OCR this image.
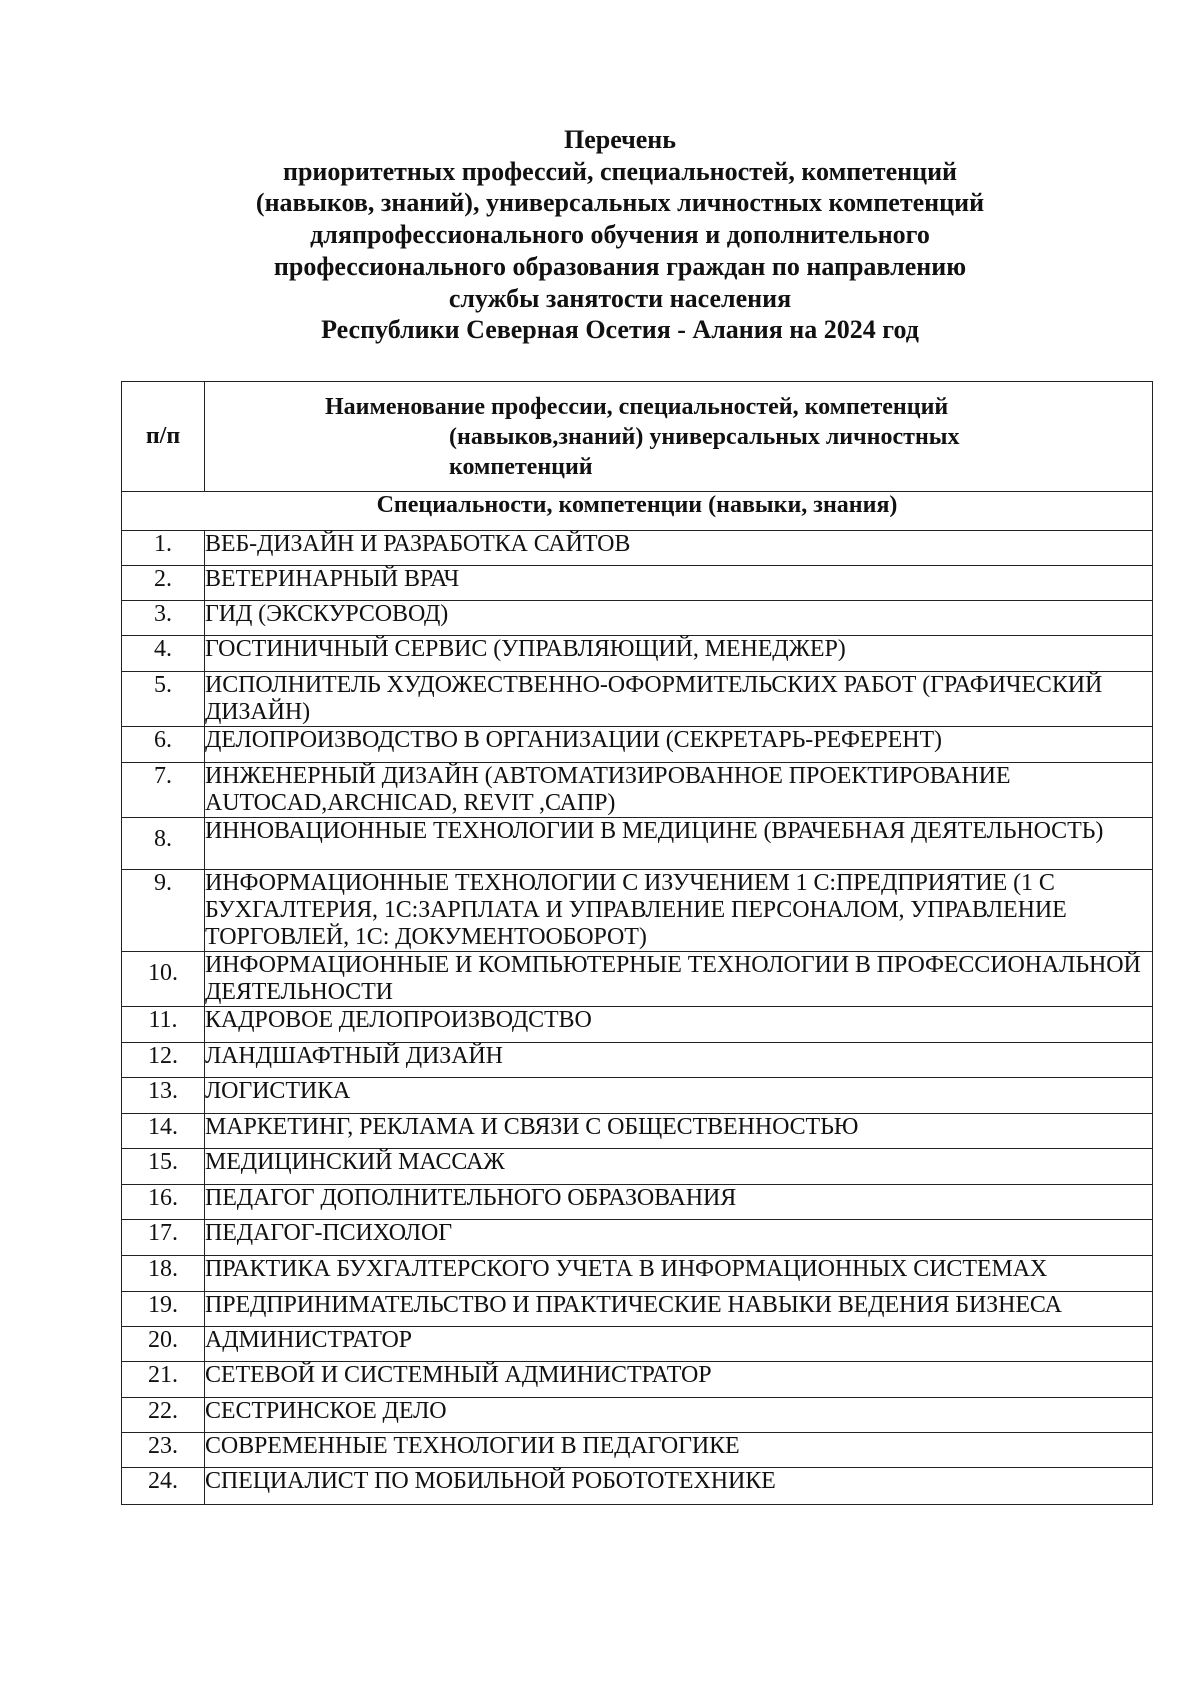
Перечень
приоритетных профессий, специальностей, компетенций
(навыков, знаний), универсальных личностных компетенций
дляпрофессионального обучения и дополнительного
профессионального образования граждан по направлению
службы занятости населения
Республики Северная Осетия - Алания на 2024 год
п/п	Наименование профессии, специальностей, компетенций
(навыков,знаний) универсальных личностных
компетенций

Специальности, компетенции (навыки, знания)	
1.	ВЕБ-ДИЗАЙН И РАЗРАБОТКА САЙТОВ
2.	ВЕТЕРИНАРНЫЙ ВРАЧ
3.	ГИД (ЭКСКУРСОВОД)
4.	ГОСТИНИЧНЫЙ СЕРВИС (УПРАВЛЯЮЩИЙ, МЕНЕДЖЕР)
5.	ИСПОЛНИТЕЛЬ ХУДОЖЕСТВЕННО-ОФОРМИТЕЛЬСКИХ РАБОТ (ГРАФИЧЕСКИЙ ДИЗАЙН)
6.	ДЕЛОПРОИЗВОДСТВО В ОРГАНИЗАЦИИ (СЕКРЕТАРЬ-РЕФЕРЕНТ)
7.	ИНЖЕНЕРНЫЙ ДИЗАЙН (АВТОМАТИЗИРОВАННОЕ ПРОЕКТИРОВАНИЕ AUTOCAD,ARCHICAD, REVIT ,САПР)
8.	ИННОВАЦИОННЫЕ ТЕХНОЛОГИИ В МЕДИЦИНЕ (ВРАЧЕБНАЯ ДЕЯТЕЛЬНОСТЬ)
9.	ИНФОРМАЦИОННЫЕ ТЕХНОЛОГИИ С ИЗУЧЕНИЕМ 1 С:ПРЕДПРИЯТИЕ (1 С БУХГАЛТЕРИЯ, 1С:ЗАРПЛАТА И УПРАВЛЕНИЕ ПЕРСОНАЛОМ, УПРАВЛЕНИЕ ТОРГОВЛЕЙ, 1С: ДОКУМЕНТООБОРОТ)
10.	ИНФОРМАЦИОННЫЕ И КОМПЬЮТЕРНЫЕ ТЕХНОЛОГИИ В ПРОФЕССИОНАЛЬНОЙ ДЕЯТЕЛЬНОСТИ
11.	КАДРОВОЕ ДЕЛОПРОИЗВОДСТВО
12.	ЛАНДШАФТНЫЙ ДИЗАЙН
13.	ЛОГИСТИКА
14.	МАРКЕТИНГ, РЕКЛАМА И СВЯЗИ С ОБЩЕСТВЕННОСТЬЮ
15.	МЕДИЦИНСКИЙ МАССАЖ
16.	ПЕДАГОГ ДОПОЛНИТЕЛЬНОГО ОБРАЗОВАНИЯ
17.	ПЕДАГОГ-ПСИХОЛОГ
18.	ПРАКТИКА БУХГАЛТЕРСКОГО УЧЕТА В ИНФОРМАЦИОННЫХ СИСТЕМАХ
19.	ПРЕДПРИНИМАТЕЛЬСТВО И ПРАКТИЧЕСКИЕ НАВЫКИ ВЕДЕНИЯ БИЗНЕСА
20.	АДМИНИСТРАТОР
21.	СЕТЕВОЙ И СИСТЕМНЫЙ АДМИНИСТРАТОР
22.	СЕСТРИНСКОЕ ДЕЛО
23.	СОВРЕМЕННЫЕ ТЕХНОЛОГИИ В ПЕДАГОГИКЕ
24.	СПЕЦИАЛИСТ ПО МОБИЛЬНОЙ РОБОТОТЕХНИКЕ
